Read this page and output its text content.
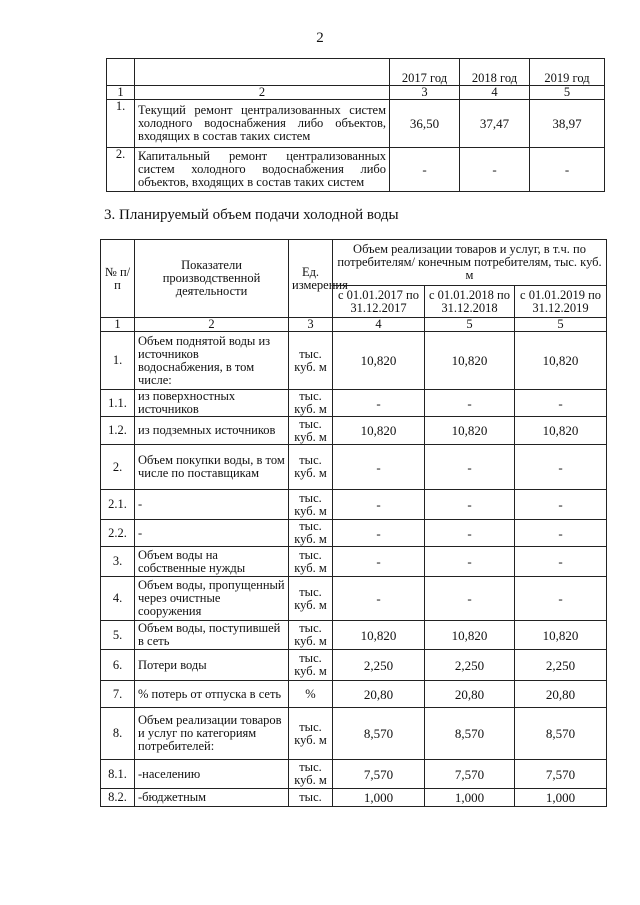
2
		2017 год	2018 год	2019 год
1	2	3	4	5
1.	Текущий ремонт централизованных систем холодного водоснабжения либо объектов, входящих в состав таких систем	36,50	37,47	38,97
2.	Капитальный ремонт централизованных систем холодного водоснабжения либо объектов, входящих в состав таких систем	-	-	-
3. Планируемый объем подачи холодной воды
№ п/п	Показатели производственной деятельности	Ед. измерения	Объем реализации товаров и услуг, в т.ч. по потребителям/ конечным потребителям, тыс. куб. м		
			с 01.01.2017 по 31.12.2017	с 01.01.2018 по 31.12.2018	с 01.01.2019 по 31.12.2019
1	2	3	4	5	5
1.	Объем поднятой воды из источников водоснабжения, в том числе:	тыс. куб. м	10,820	10,820	10,820
1.1.	из поверхностных источников	тыс. куб. м	-	-	-
1.2.	из подземных источников	тыс. куб. м	10,820	10,820	10,820
2.	Объем покупки воды, в том числе по поставщикам	тыс. куб. м	-	-	-
2.1.	-	тыс. куб. м	-	-	-
2.2.	-	тыс. куб. м	-	-	-
3.	Объем воды на собственные нужды	тыс. куб. м	-	-	-
4.	Объем воды, пропущенный через очистные сооружения	тыс. куб. м	-	-	-
5.	Объем воды, поступившей в сеть	тыс. куб. м	10,820	10,820	10,820
6.	Потери воды	тыс. куб. м	2,250	2,250	2,250
7.	% потерь от отпуска в сеть	%	20,80	20,80	20,80
8.	Объем реализации товаров и услуг по категориям потребителей:	тыс. куб. м	8,570	8,570	8,570
8.1.	-населению	тыс. куб. м	7,570	7,570	7,570
8.2.	-бюджетным	тыс.	1,000	1,000	1,000
